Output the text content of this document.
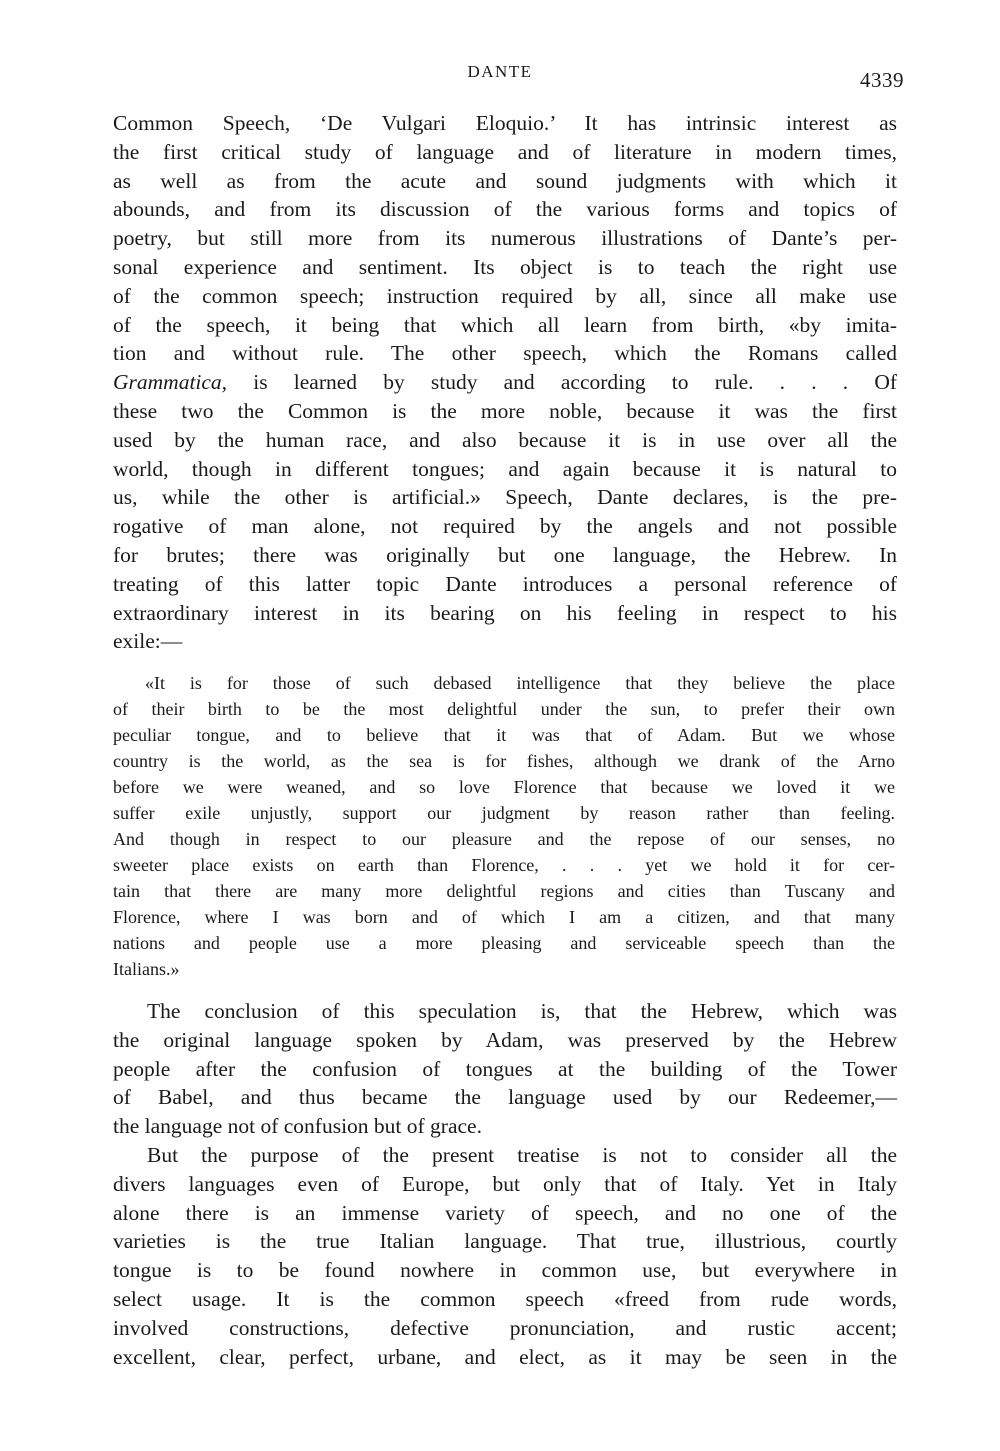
DANTE	4339
Common Speech, ‘De Vulgari Eloquio.’ It has intrinsic interest as
the first critical study of language and of literature in modern times,
as well as from the acute and sound judgments with which it
abounds, and from its discussion of the various forms and topics of
poetry, but still more from its numerous illustrations of Dante’s per-
sonal experience and sentiment. Its object is to teach the right use
of the common speech; instruction required by all, since all make use
of the speech, it being that which all learn from birth, «by imita-
tion and without rule. The other speech, which the Romans called
Grammatica, is learned by study and according to rule. . . . Of
these two the Common is the more noble, because it was the first
used by the human race, and also because it is in use over all the
world, though in different tongues; and again because it is natural to
us, while the other is artificial.» Speech, Dante declares, is the pre-
rogative of man alone, not required by the angels and not possible
for brutes; there was originally but one language, the Hebrew. In
treating of this latter topic Dante introduces a personal reference of
extraordinary interest in its bearing on his feeling in respect to his
exile:—
«It is for those of such debased intelligence that they believe the place
of their birth to be the most delightful under the sun, to prefer their own
peculiar tongue, and to believe that it was that of Adam. But we whose
country is the world, as the sea is for fishes, although we drank of the Arno
before we were weaned, and so love Florence that because we loved it we
suffer exile unjustly, support our judgment by reason rather than feeling.
And though in respect to our pleasure and the repose of our senses, no
sweeter place exists on earth than Florence, . . . yet we hold it for cer-
tain that there are many more delightful regions and cities than Tuscany and
Florence, where I was born and of which I am a citizen, and that many
nations and people use a more pleasing and serviceable speech than the
Italians.»
The conclusion of this speculation is, that the Hebrew, which was
the original language spoken by Adam, was preserved by the Hebrew
people after the confusion of tongues at the building of the Tower
of Babel, and thus became the language used by our Redeemer,—
the language not of confusion but of grace.
But the purpose of the present treatise is not to consider all the
divers languages even of Europe, but only that of Italy. Yet in Italy
alone there is an immense variety of speech, and no one of the
varieties is the true Italian language. That true, illustrious, courtly
tongue is to be found nowhere in common use, but everywhere in
select usage. It is the common speech «freed from rude words,
involved constructions, defective pronunciation, and rustic accent;
excellent, clear, perfect, urbane, and elect, as it may be seen in the
